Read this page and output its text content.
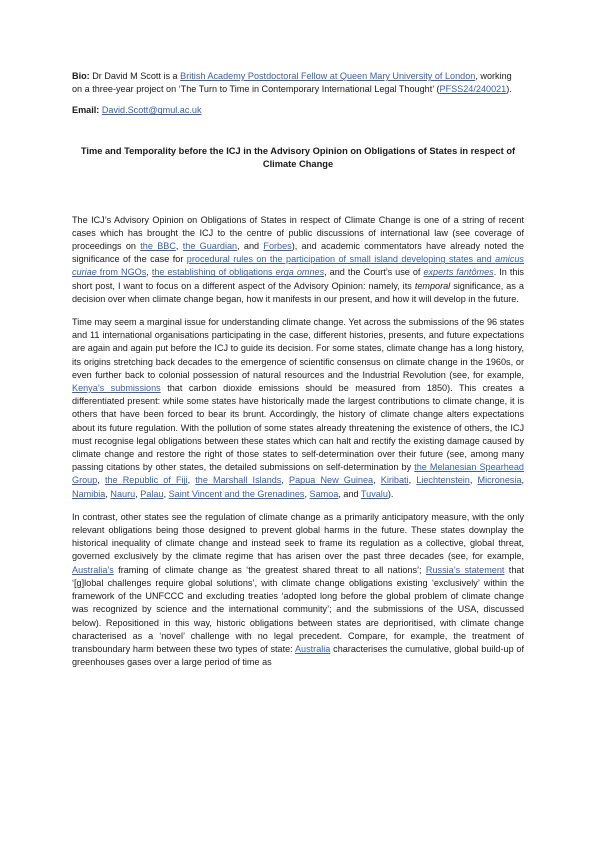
Bio: Dr David M Scott is a British Academy Postdoctoral Fellow at Queen Mary University of London, working on a three-year project on ‘The Turn to Time in Contemporary International Legal Thought’ (PFSS24/240021).

Email: David.Scott@qmul.ac.uk

Time and Temporality before the ICJ in the Advisory Opinion on Obligations of States in respect of Climate Change

The ICJ’s Advisory Opinion on Obligations of States in respect of Climate Change is one of a string of recent cases which has brought the ICJ to the centre of public discussions of international law (see coverage of proceedings on the BBC, the Guardian, and Forbes), and academic commentators have already noted the significance of the case for procedural rules on the participation of small island developing states and amicus curiae from NGOs, the establishing of obligations erga omnes, and the Court’s use of experts fantômes. In this short post, I want to focus on a different aspect of the Advisory Opinion: namely, its temporal significance, as a decision over when climate change began, how it manifests in our present, and how it will develop in the future.

Time may seem a marginal issue for understanding climate change. Yet across the submissions of the 96 states and 11 international organisations participating in the case, different histories, presents, and future expectations are again and again put before the ICJ to guide its decision. For some states, climate change has a long history, its origins stretching back decades to the emergence of scientific consensus on climate change in the 1960s, or even further back to colonial possession of natural resources and the Industrial Revolution (see, for example, Kenya’s submissions that carbon dioxide emissions should be measured from 1850). This creates a differentiated present: while some states have historically made the largest contributions to climate change, it is others that have been forced to bear its brunt. Accordingly, the history of climate change alters expectations about its future regulation. With the pollution of some states already threatening the existence of others, the ICJ must recognise legal obligations between these states which can halt and rectify the existing damage caused by climate change and restore the right of those states to self-determination over their future (see, among many passing citations by other states, the detailed submissions on self-determination by the Melanesian Spearhead Group, the Republic of Fiji, the Marshall Islands, Papua New Guinea, Kiribati, Liechtenstein, Micronesia, Namibia, Nauru, Palau, Saint Vincent and the Grenadines, Samoa, and Tuvalu).

In contrast, other states see the regulation of climate change as a primarily anticipatory measure, with the only relevant obligations being those designed to prevent global harms in the future. These states downplay the historical inequality of climate change and instead seek to frame its regulation as a collective, global threat, governed exclusively by the climate regime that has arisen over the past three decades (see, for example, Australia’s framing of climate change as ‘the greatest shared threat to all nations’; Russia’s statement that ‘[g]lobal challenges require global solutions’, with climate change obligations existing ‘exclusively’ within the framework of the UNFCCC and excluding treaties ‘adopted long before the global problem of climate change was recognized by science and the international community’; and the submissions of the USA, discussed below). Repositioned in this way, historic obligations between states are deprioritised, with climate change characterised as a ‘novel’ challenge with no legal precedent. Compare, for example, the treatment of transboundary harm between these two types of state: Australia characterises the cumulative, global build-up of greenhouses gases over a large period of time as
